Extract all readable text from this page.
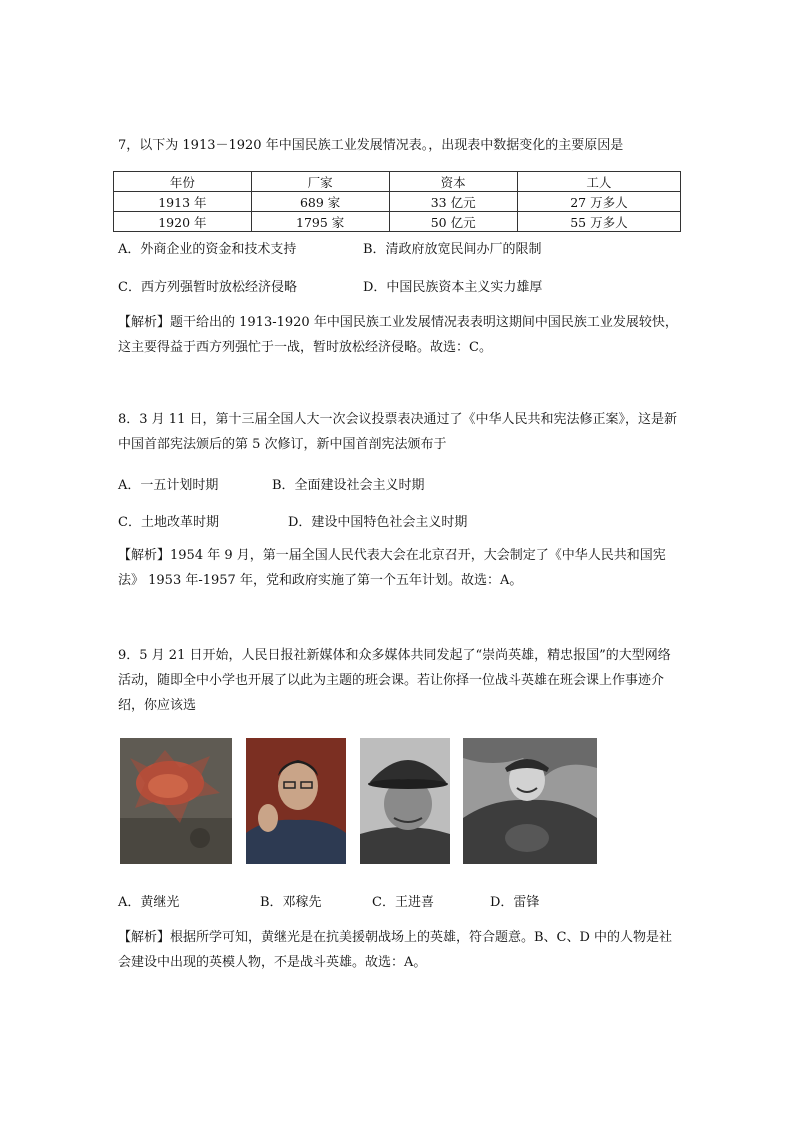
7，以下为 1913－1920 年中国民族工业发展情况表。，出现表中数据变化的主要原因是
年份	厂家	资本	工人
1913 年	689 家	33 亿元	27 万多人
1920 年	1795 家	50 亿元	55 万多人
A．外商企业的资金和技术支持	B．清政府放宽民间办厂的限制
C．西方列强暂时放松经济侵略	D．中国民族资本主义实力雄厚
【解析】题干给出的 1913-1920 年中国民族工业发展情况表表明这期间中国民族工业发展较快，这主要得益于西方列强忙于一战，暂时放松经济侵略。故选：C。
8．3 月 11 日，第十三届全国人大一次会议投票表决通过了《中华人民共和宪法修正案》，这是新中国首部宪法颁后的第 5 次修订，新中国首剖宪法颁布于
A．一五计划时期	B．全面建设社会主义时期
C．土地改革时期	D．建设中国特色社会主义时期
【解析】1954 年 9 月，第一届全国人民代表大会在北京召开，大会制定了《中华人民共和国宪法》 1953 年-1957 年，党和政府实施了第一个五年计划。故选：A。
9．5 月 21 日开始，人民日报社新媒体和众多媒体共同发起了“崇尚英雄，精忠报国”的大型网络活动，随即全中小学也开展了以此为主题的班会课。若让你择一位战斗英雄在班会课上作事迹介绍，你应该选
A．黄继光	B．邓稼先	C．王进喜	D．雷锋
【解析】根据所学可知，黄继光是在抗美援朝战场上的英雄，符合题意。B、C、D 中的人物是社会建设中出现的英模人物，不是战斗英雄。故选：A。
